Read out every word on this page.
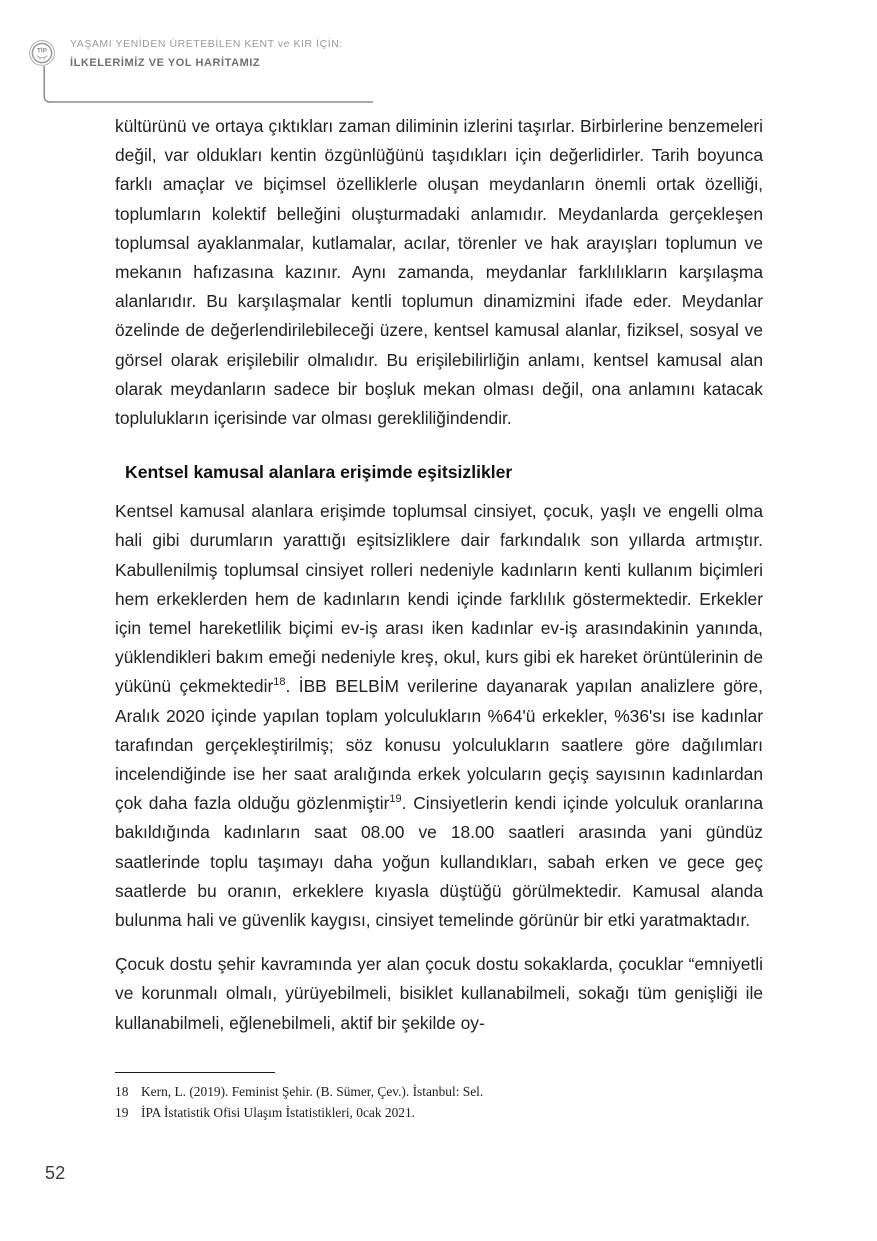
TİP
YAŞAMI YENİDEN ÜRETEBİLEN KENT ve KIR İÇİN:
İLKELERİMİZ VE YOL HARİTAMIZ

kültürünü ve ortaya çıktıkları zaman diliminin izlerini taşırlar. Birbirlerine benzemeleri değil, var oldukları kentin özgünlüğünü taşıdıkları için değerlidirler. Tarih boyunca farklı amaçlar ve biçimsel özelliklerle oluşan meydanların önemli ortak özelliği, toplumların kolektif belleğini oluşturmadaki anlamıdır. Meydanlarda gerçekleşen toplumsal ayaklanmalar, kutlamalar, acılar, törenler ve hak arayışları toplumun ve mekanın hafızasına kazınır. Aynı zamanda, meydanlar farklılıkların karşılaşma alanlarıdır. Bu karşılaşmalar kentli toplumun dinamizmini ifade eder. Meydanlar özelinde de değerlendirilebileceği üzere, kentsel kamusal alanlar, fiziksel, sosyal ve görsel olarak erişilebilir olmalıdır. Bu erişilebilirliğin anlamı, kentsel kamusal alan olarak meydanların sadece bir boşluk mekan olması değil, ona anlamını katacak toplulukların içerisinde var olması gerekliliğindendir.

Kentsel kamusal alanlara erişimde eşitsizlikler

Kentsel kamusal alanlara erişimde toplumsal cinsiyet, çocuk, yaşlı ve engelli olma hali gibi durumların yarattığı eşitsizliklere dair farkındalık son yıllarda artmıştır. Kabullenilmiş toplumsal cinsiyet rolleri nedeniyle kadınların kenti kullanım biçimleri hem erkeklerden hem de kadınların kendi içinde farklılık göstermektedir. Erkekler için temel hareketlilik biçimi ev-iş arası iken kadınlar ev-iş arasındakinin yanında, yüklendikleri bakım emeği nedeniyle kreş, okul, kurs gibi ek hareket örüntülerinin de yükünü çekmektedir$^{18}$. İBB BELBİM verilerine dayanarak yapılan analizlere göre, Aralık 2020 içinde yapılan toplam yolculukların %64'ü erkekler, %36'sı ise kadınlar tarafından gerçekleştirilmiş; söz konusu yolculukların saatlere göre dağılımları incelendiğinde ise her saat aralığında erkek yolcuların geçiş sayısının kadınlardan çok daha fazla olduğu gözlenmiştir$^{19}$. Cinsiyetlerin kendi içinde yolculuk oranlarına bakıldığında kadınların saat 08.00 ve 18.00 saatleri arasında yani gündüz saatlerinde toplu taşımayı daha yoğun kullandıkları, sabah erken ve gece geç saatlerde bu oranın, erkeklere kıyasla düştüğü görülmektedir. Kamusal alanda bulunma hali ve güvenlik kaygısı, cinsiyet temelinde görünür bir etki yaratmaktadır.

Çocuk dostu şehir kavramında yer alan çocuk dostu sokaklarda, çocuklar “emniyetli ve korunmalı olmalı, yürüyebilmeli, bisiklet kullanabilmeli, sokağı tüm genişliği ile kullanabilmeli, eğlenebilmeli, aktif bir şekilde oy-

18 Kern, L. (2019). Feminist Şehir. (B. Sümer, Çev.). İstanbul: Sel.
19 İPA İstatistik Ofisi Ulaşım İstatistikleri, 0cak 2021.
52
